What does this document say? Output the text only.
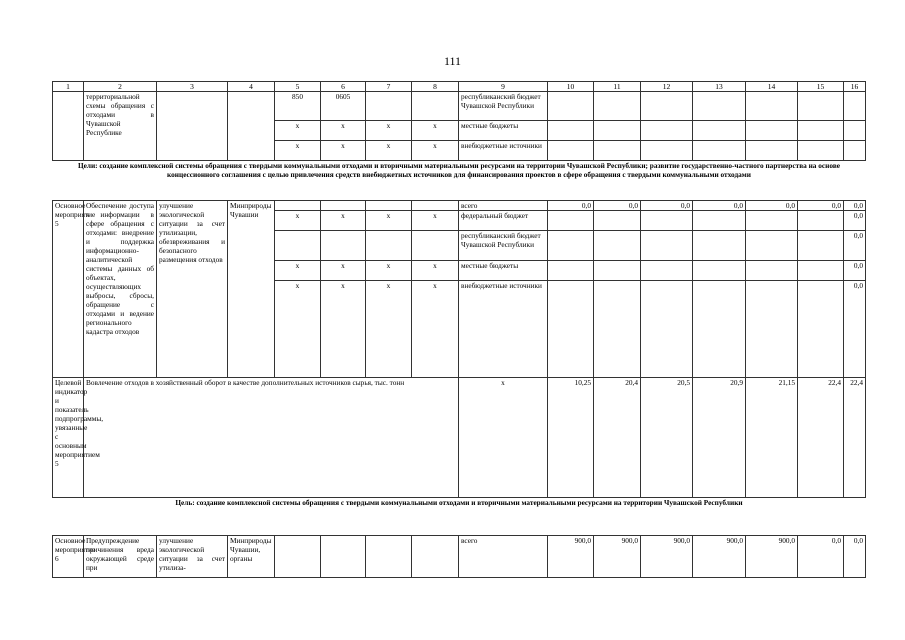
111
1	2	3	4	5	6	7	8	9	10	11	12	13	14	15	16
	территориальной схемы обращения с отходами в Чувашской Республике			850	0605			республиканский бюджет Чувашской Республики							
				x	x	x	x	местные бюджеты							
				x	x	x	x	внебюджетные источники							
Цели: создание комплексной системы обращения с твердыми коммунальными отходами и вторичными материальными ресурсами на территории Чувашской Республики; развитие государственно-частного партнерства на основе концессионного соглашения с целью привлечения средств внебюджетных источников для финансирования проектов в сфере обращения с твердыми коммунальными отходами															
Основное мероприятие 5	Обеспечение доступа к информации в сфере обращения с отходами: внедрение и поддержка информационно-аналитической системы данных об объектах, осуществляющих выбросы, сбросы, обращение с отходами и ведение регионального кадастра отходов	улучшение экологической ситуации за счет утилизации, обезвреживания и безопасного размещения отходов	Минприроды Чувашии					всего	0,0	0,0	0,0	0,0	0,0	0,0	0,0
				x	x	x	x	федеральный бюджет							0,0
								республиканский бюджет Чувашской Республики							0,0
				x	x	x	x	местные бюджеты							0,0
				x	x	x	x	внебюджетные источники							0,0
Целевой индикатор и показатель подпрограммы, увязанные с основным мероприятием 5	Вовлечение отходов в хозяйственный оборот в качестве дополнительных источников сырья, тыс. тонн							x	10,25	20,4	20,5	20,9	21,15	22,4	22,4
Цель: создание комплексной системы обращения с твердыми коммунальными отходами и вторичными материальными ресурсами на территории Чувашской Республики															
Основное мероприятие 6	Предупреждение причинения вреда окружающей среде при	улучшение экологической ситуации за счет утилиза-	Минприроды Чувашии, органы					всего	900,0	900,0	900,0	900,0	900,0	0,0	0,0
